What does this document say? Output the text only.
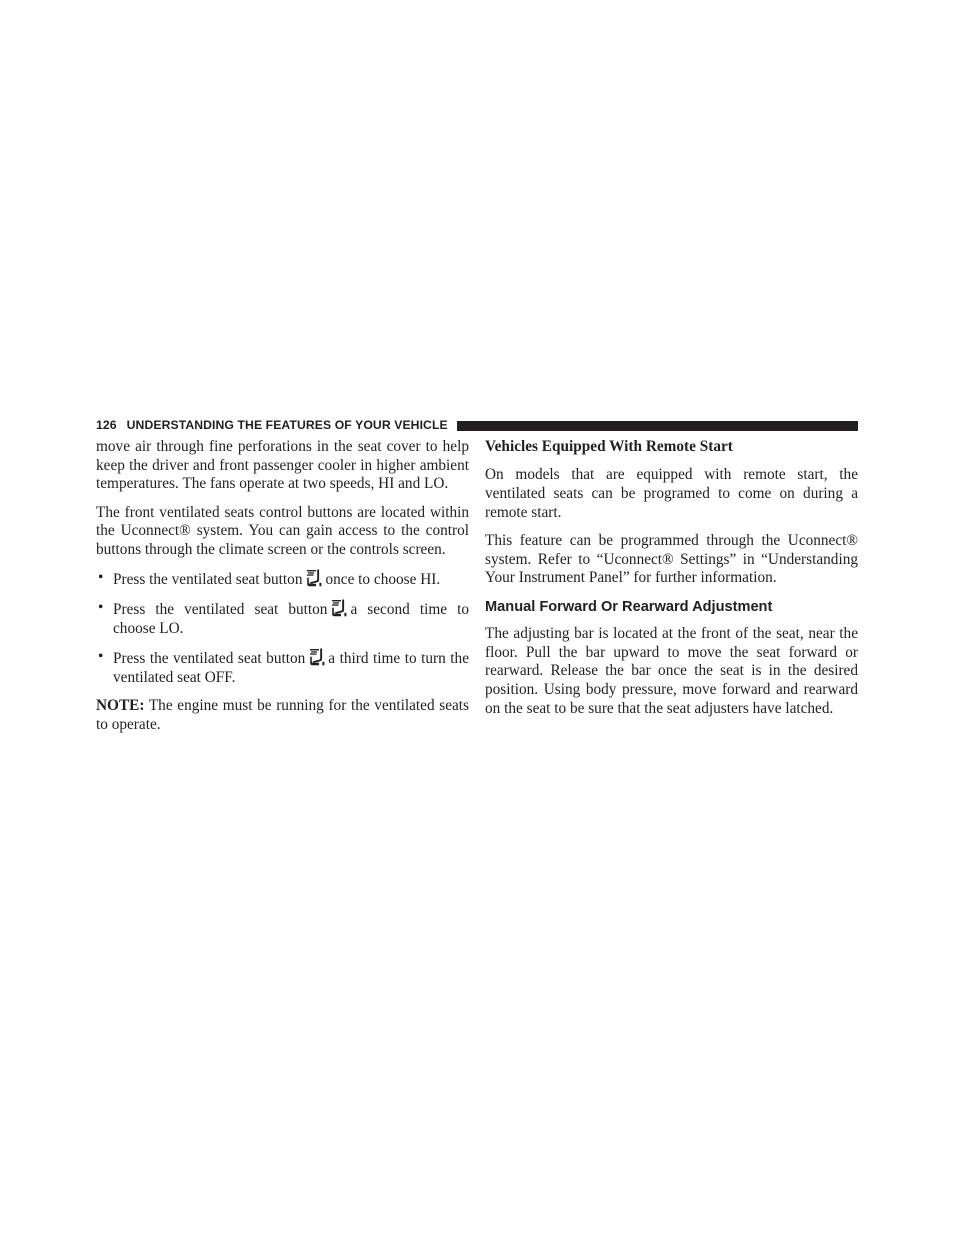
126 UNDERSTANDING THE FEATURES OF YOUR VEHICLE

move air through fine perforations in the seat cover to help keep the driver and front passenger cooler in higher ambient temperatures. The fans operate at two speeds, HI and LO.

The front ventilated seats control buttons are located within the Uconnect® system. You can gain access to the control buttons through the climate screen or the controls screen.

• Press the ventilated seat button once to choose HI.
• Press the ventilated seat button a second time to choose LO.
• Press the ventilated seat button a third time to turn the ventilated seat OFF.

NOTE: The engine must be running for the ventilated seats to operate.

Vehicles Equipped With Remote Start

On models that are equipped with remote start, the ventilated seats can be programed to come on during a remote start.

This feature can be programmed through the Uconnect® system. Refer to “Uconnect® Settings” in “Understanding Your Instrument Panel” for further information.

Manual Forward Or Rearward Adjustment

The adjusting bar is located at the front of the seat, near the floor. Pull the bar upward to move the seat forward or rearward. Release the bar once the seat is in the desired position. Using body pressure, move forward and rearward on the seat to be sure that the seat adjusters have latched.
